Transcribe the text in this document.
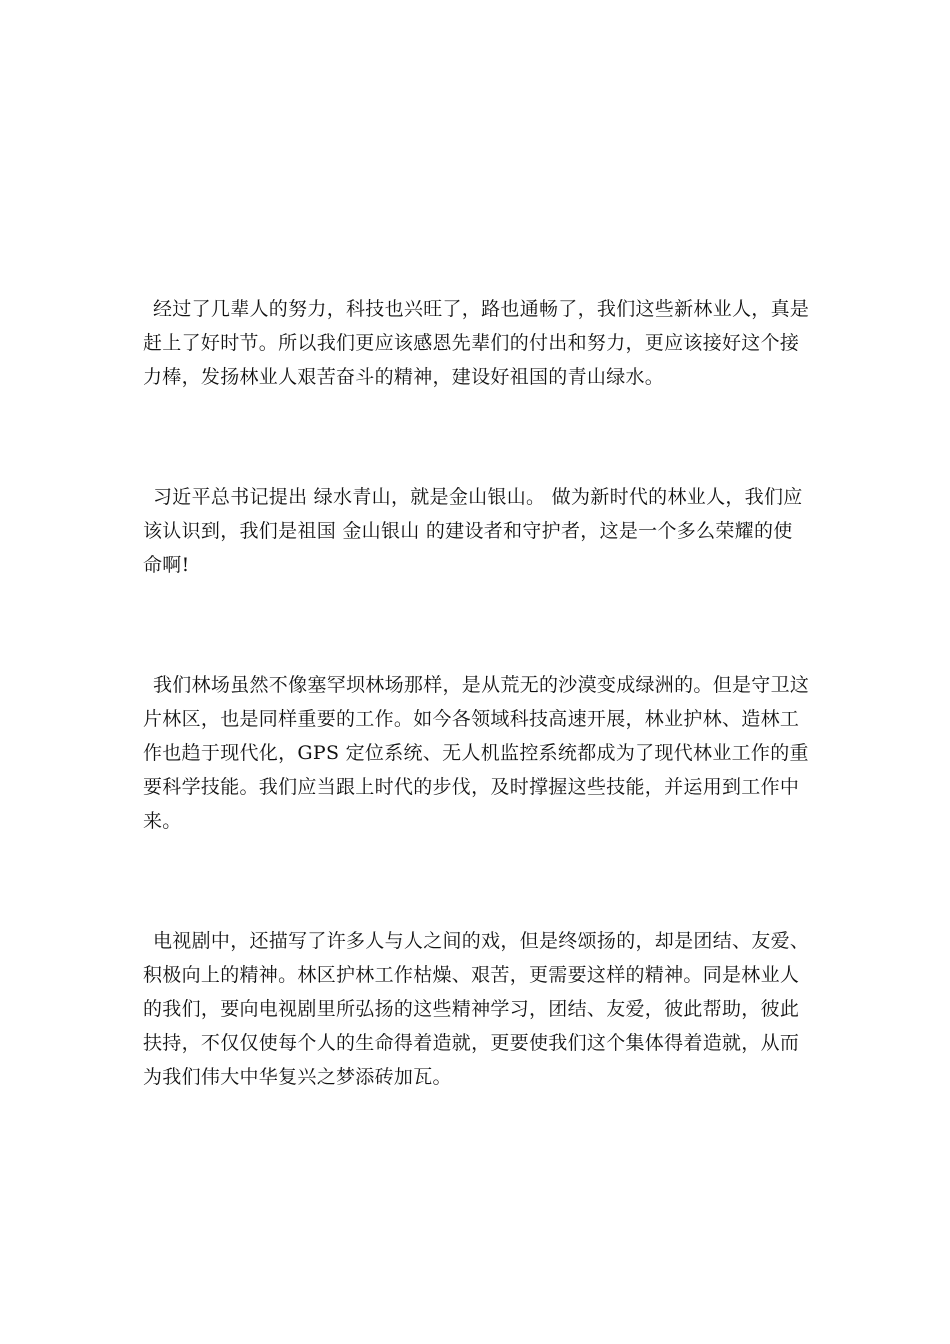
经过了几辈人的努力，科技也兴旺了，路也通畅了，我们这些新林业人，真是
赶上了好时节。所以我们更应该感恩先辈们的付出和努力，更应该接好这个接
力棒，发扬林业人艰苦奋斗的精神，建设好祖国的青山绿水。

习近平总书记提出 绿水青山，就是金山银山。 做为新时代的林业人，我们应
该认识到，我们是祖国 金山银山 的建设者和守护者，这是一个多么荣耀的使
命啊!

我们林场虽然不像塞罕坝林场那样，是从荒无的沙漠变成绿洲的。但是守卫这
片林区，也是同样重要的工作。如今各领域科技高速开展，林业护林、造林工
作也趋于现代化，GPS 定位系统、无人机监控系统都成为了现代林业工作的重
要科学技能。我们应当跟上时代的步伐，及时撑握这些技能，并运用到工作中
来。

电视剧中，还描写了许多人与人之间的戏，但是终颂扬的，却是团结、友爱、
积极向上的精神。林区护林工作枯燥、艰苦，更需要这样的精神。同是林业人
的我们，要向电视剧里所弘扬的这些精神学习，团结、友爱，彼此帮助，彼此
扶持，不仅仅使每个人的生命得着造就，更要使我们这个集体得着造就，从而
为我们伟大中华复兴之梦添砖加瓦。
